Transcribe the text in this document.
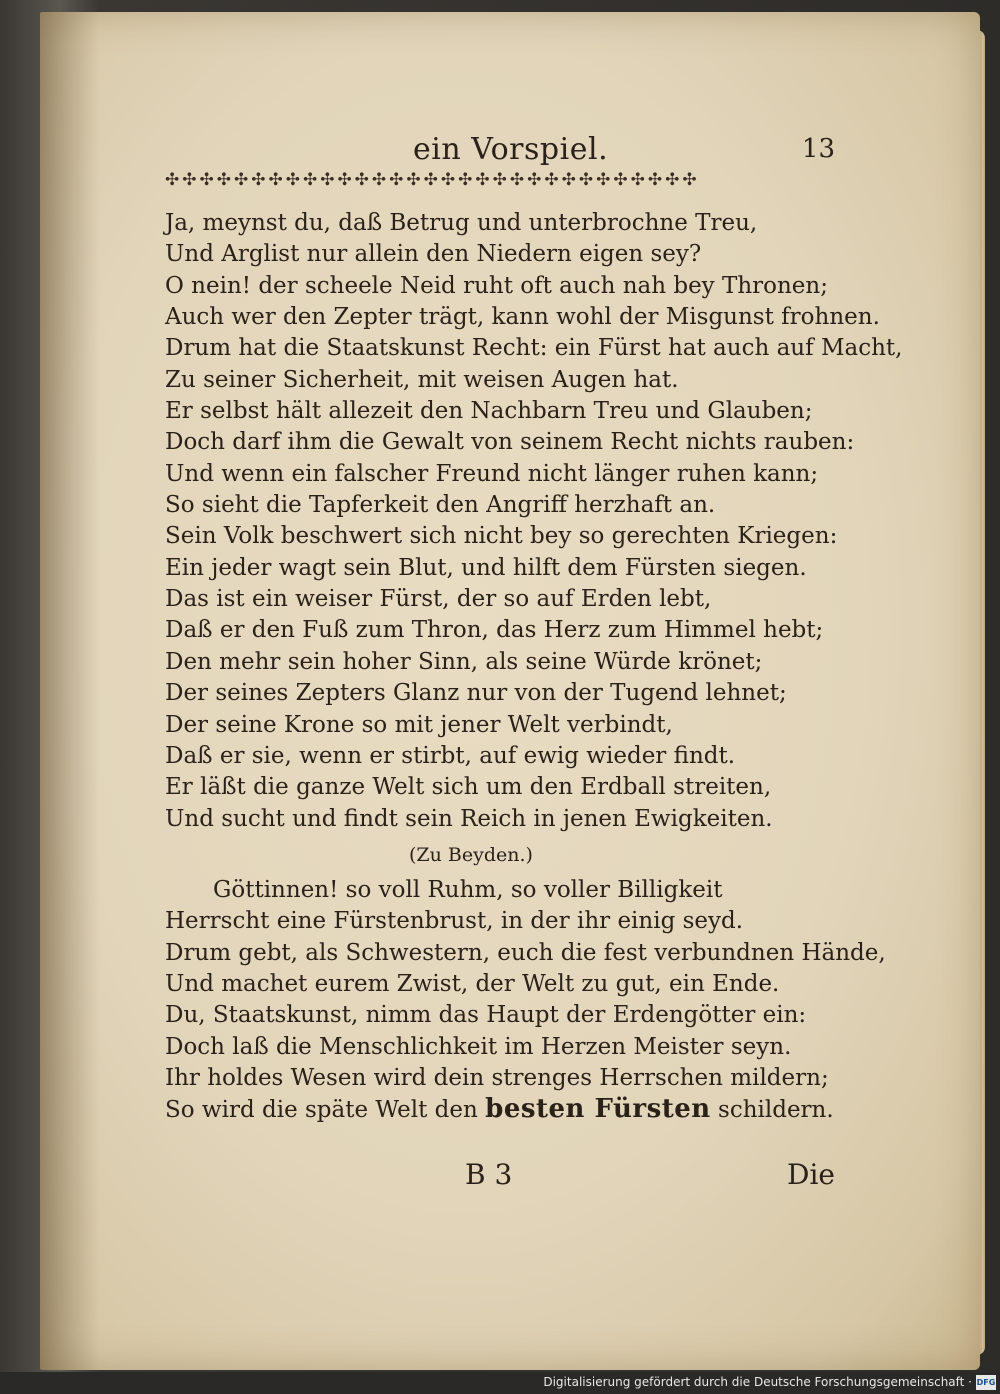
ein Vorspiel.	13
✣✣✣✣✣✣✣✣✣✣✣✣✣✣✣✣✣✣✣✣✣✣✣✣✣✣✣✣✣✣✣
Ja, meynst du, daß Betrug und unterbrochne Treu,
Und Arglist nur allein den Niedern eigen sey?
O nein! der scheele Neid ruht oft auch nah bey Thronen;
Auch wer den Zepter trägt, kann wohl der Misgunst frohnen.
Drum hat die Staatskunst Recht: ein Fürst hat auch auf Macht,
Zu seiner Sicherheit, mit weisen Augen hat.
Er selbst hält allezeit den Nachbarn Treu und Glauben;
Doch darf ihm die Gewalt von seinem Recht nichts rauben:
Und wenn ein falscher Freund nicht länger ruhen kann;
So sieht die Tapferkeit den Angriff herzhaft an.
Sein Volk beschwert sich nicht bey so gerechten Kriegen:
Ein jeder wagt sein Blut, und hilft dem Fürsten siegen.
Das ist ein weiser Fürst, der so auf Erden lebt,
Daß er den Fuß zum Thron, das Herz zum Himmel hebt;
Den mehr sein hoher Sinn, als seine Würde krönet;
Der seines Zepters Glanz nur von der Tugend lehnet;
Der seine Krone so mit jener Welt verbindt,
Daß er sie, wenn er stirbt, auf ewig wieder findt.
Er läßt die ganze Welt sich um den Erdball streiten,
Und sucht und findt sein Reich in jenen Ewigkeiten.
(Zu Beyden.)
Göttinnen! so voll Ruhm, so voller Billigkeit
Herrscht eine Fürstenbrust, in der ihr einig seyd.
Drum gebt, als Schwestern, euch die fest verbundnen Hände,
Und machet eurem Zwist, der Welt zu gut, ein Ende.
Du, Staatskunst, nimm das Haupt der Erdengötter ein:
Doch laß die Menschlichkeit im Herzen Meister seyn.
Ihr holdes Wesen wird dein strenges Herrschen mildern;
So wird die späte Welt den besten Fürsten schildern.
B 3	Die
Digitalisierung gefördert durch die Deutsche Forschungsgemeinschaft · DFG
